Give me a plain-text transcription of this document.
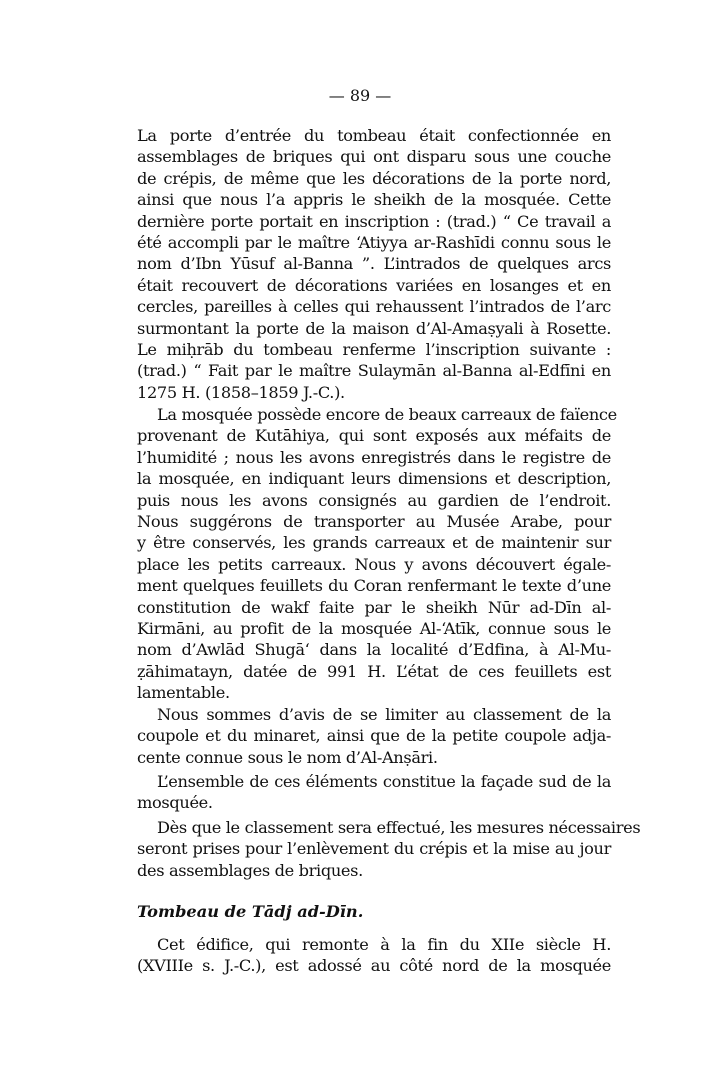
— 89 —
La porte d’entrée du tombeau était confectionnée en
assemblages de briques qui ont disparu sous une couche
de crépis, de même que les décorations de la porte nord,
ainsi que nous l’a appris le sheikh de la mosquée. Cette
dernière porte portait en inscription : (trad.) “ Ce travail a
été accompli par le maître ‘Atiyya ar-Rashīdi connu sous le
nom d’Ibn Yūsuf al-Banna ”. L’intrados de quelques arcs
était recouvert de décorations variées en losanges et en
cercles, pareilles à celles qui rehaussent l’intrados de l’arc
surmontant la porte de la maison d’Al-Amaṣyali à Rosette.
Le miḥrāb du tombeau renferme l’inscription suivante :
(trad.) “ Fait par le maître Sulaymān al-Banna al-Edfīni en
1275 H. (1858–1859 J.-C.).
La mosquée possède encore de beaux carreaux de faïence
provenant de Kutāhiya, qui sont exposés aux méfaits de
l’humidité ; nous les avons enregistrés dans le registre de
la mosquée, en indiquant leurs dimensions et description,
puis nous les avons consignés au gardien de l’endroit.
Nous suggérons de transporter au Musée Arabe, pour
y être conservés, les grands carreaux et de maintenir sur
place les petits carreaux. Nous y avons découvert égale-
ment quelques feuillets du Coran renfermant le texte d’une
constitution de wakf faite par le sheikh Nūr ad-Dīn al-
Kirmāni, au profit de la mosquée Al-‘Atīk, connue sous le
nom d’Awlād Shugā‘ dans la localité d’Edfina, à Al-Mu-
ẓāhimatayn, datée de 991 H. L’état de ces feuillets est
lamentable.
Nous sommes d’avis de se limiter au classement de la
coupole et du minaret, ainsi que de la petite coupole adja-
cente connue sous le nom d’Al-Anṣāri.
L’ensemble de ces éléments constitue la façade sud de la
mosquée.
Dès que le classement sera effectué, les mesures nécessaires
seront prises pour l’enlèvement du crépis et la mise au jour
des assemblages de briques.
Cet édifice, qui remonte à la fin du XIIe siècle H.
(XVIIIe s. J.-C.), est adossé au côté nord de la mosquée
Tombeau de Tādj ad-Dīn.
